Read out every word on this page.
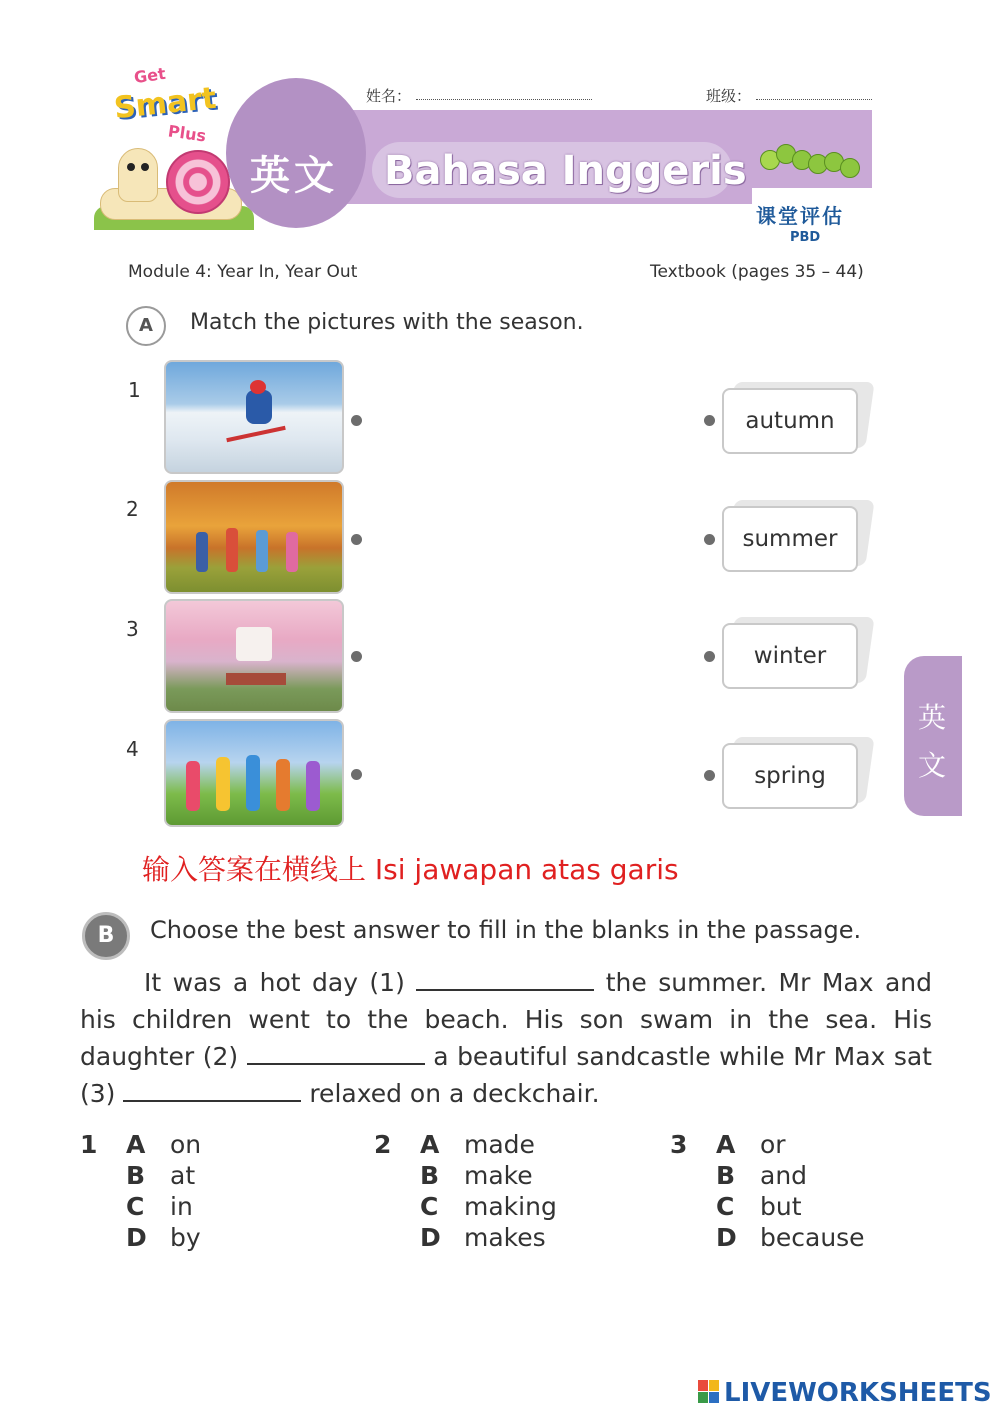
Get
Smart
Plus
姓名：	班级：
英文 Bahasa Inggeris
课堂评估
PBD
Module 4: Year In, Year Out	Textbook (pages 35 – 44)
A	Match the pictures with the season.
1
autumn
2
summer
3
winter
4
spring
英 文
输入答案在横线上 Isi jawapan atas garis
B	Choose the best answer to fill in the blanks in the passage.
It was a hot day (1)	the summer. Mr Max and his children went to the beach. His son swam in the sea. His daughter (2)	a beautiful sandcastle while Mr Max sat (3)	relaxed on a deckchair.
1 A on
B at
C in
D by
2 A made
B make
C making
D makes
3 A or
B and
C but
D because
LIVEWORKSHEETS
